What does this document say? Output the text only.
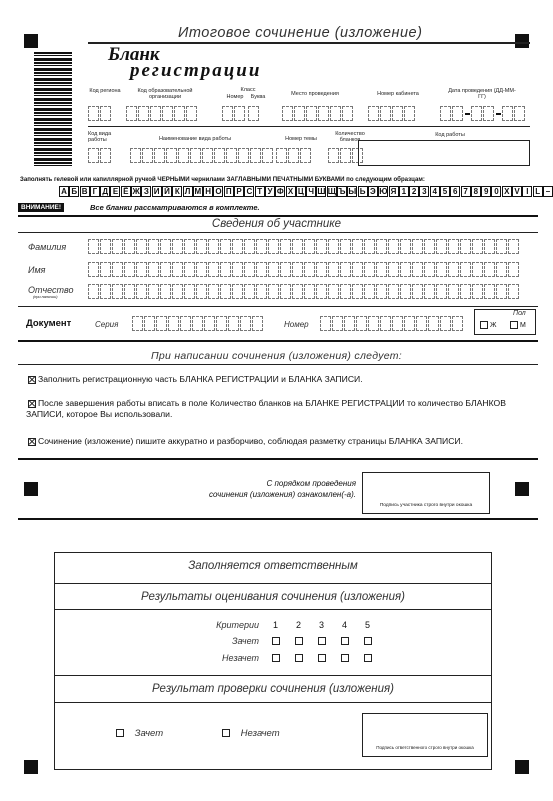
Итоговое сочинение (изложение)
Бланк
регистрации
Код региона	Код образовательной организации
Класс
Номер	Буква	Место проведения	Номер кабинета	Дата проведения (ДД-ММ-ГГ)
Код вида работы	Наименование вида работы	Номер темы
Количество бланков
Код работы
Заполнять гелевой или капиллярной ручкой ЧЕРНЫМИ чернилами ЗАГЛАВНЫМИ ПЕЧАТНЫМИ БУКВАМИ по следующим образцам:
А Б В Г Д Е Ё Ж З И Й К Л М Н О П Р С Т У Ф Х Ц Ч Ш Щ Ъ Ы Ь Э Ю Я 1 2 3 4 5 6 7 8 9 0 X V I L –
ВНИМАНИЕ!	Все бланки рассматриваются в комплекте.
Сведения об участнике
Фамилия
Имя
Отчество
(при наличии)
Документ	Серия	Номер
Пол
Ж	М
При написании сочинения (изложения) следует:
Заполнить регистрационную часть БЛАНКА РЕГИСТРАЦИИ и БЛАНКА ЗАПИСИ.
После завершения работы вписать в поле Количество бланков на БЛАНКЕ РЕГИСТРАЦИИ то количество БЛАНКОВ ЗАПИСИ, которое Вы использовали.
Сочинение (изложение) пишите аккуратно и разборчиво, соблюдая разметку страницы БЛАНКА ЗАПИСИ.
С порядком проведения
сочинения (изложения) ознакомлен(-а).
Подпись участника строго внутри окошка
Заполняется ответственным
Результаты оценивания сочинения (изложения)
Критерии	1	2	3	4	5
Зачет
Незачет
Результат проверки сочинения (изложения)
Зачет	Незачет
Подпись ответственного строго внутри окошка
